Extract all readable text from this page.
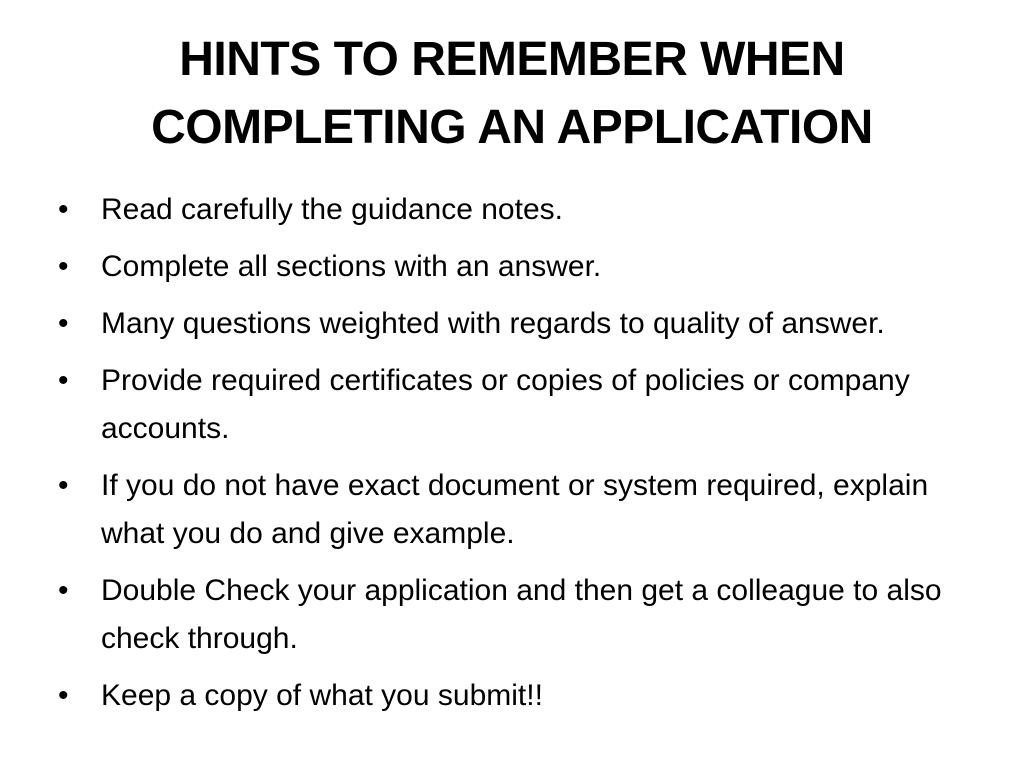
HINTS TO REMEMBER WHEN COMPLETING AN APPLICATION
•	Read carefully the guidance notes.
•	Complete all sections with an answer.
•	Many questions weighted with regards to quality of answer.
•	Provide required certificates or copies of policies or company accounts.
•	If you do not have exact document or system required, explain what you do and give example.
•	Double Check your application and then get a colleague to also check through.
•	Keep a copy of what you submit!!
